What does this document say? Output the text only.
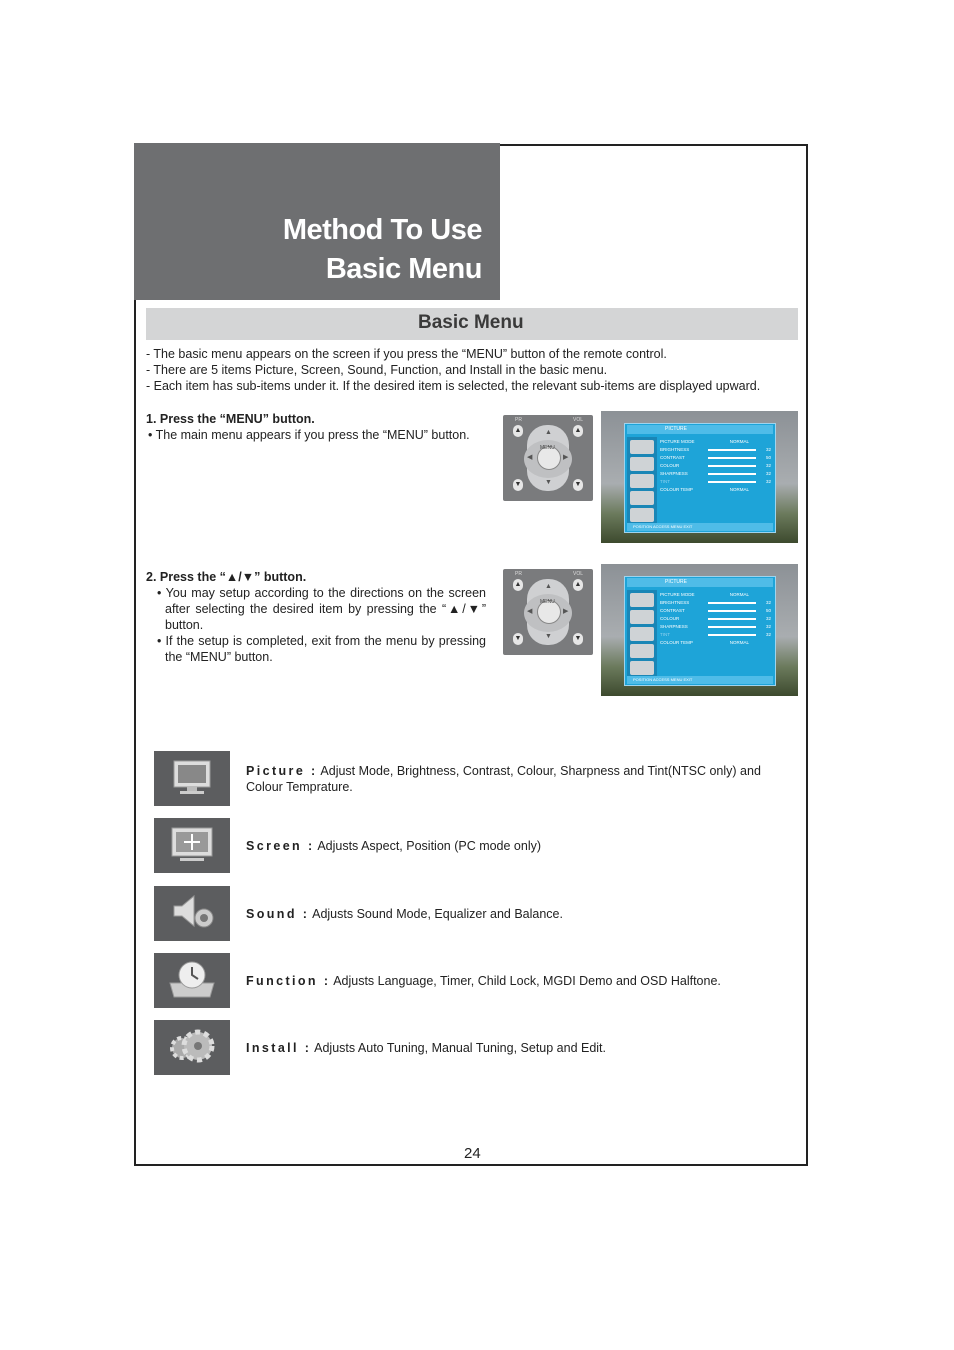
Method To Use
Basic Menu
Basic Menu
- The basic menu appears on the screen if you press the “MENU” button of the remote control.
- There are 5 items Picture, Screen, Sound, Function, and Install in the basic menu.
- Each item has sub-items under it. If the desired item is selected, the relevant sub-items are displayed upward.
1. Press the “MENU” button.
• The main menu appears if you press the “MENU” button.
2. Press the “▲/▼” button.
• You may setup according to the directions on the screen after selecting the desired item by pressing the “▲/▼” button.
• If the setup is completed, exit from the menu by pressing the “MENU” button.
PR	VOL
MENU
▲
▼
▲
▼
▲
▼
◀	▶
PR	VOL
MENU
▲
▼
▲
▼
▲
▼
◀	▶
PICTURE
PICTURE MODE	NORMAL
BRIGHTNESS	32
CONTRAST	50
COLOUR	32
SHARPNESS	32
TINT	32
COLOUR TEMP	NORMAL
POSITION ACCESS MENU EXIT
PICTURE
PICTURE MODE	NORMAL
BRIGHTNESS	32
CONTRAST	50
COLOUR	32
SHARPNESS	32
TINT	32
COLOUR TEMP	NORMAL
POSITION ACCESS MENU EXIT
Picture : Adjust Mode, Brightness, Contrast, Colour, Sharpness and Tint(NTSC only) and Colour Temprature.
Screen : Adjusts Aspect, Position (PC mode only)
Sound : Adjusts Sound Mode, Equalizer and Balance.
Function : Adjusts Language, Timer, Child Lock, MGDI Demo and OSD Halftone.
Install : Adjusts Auto Tuning, Manual Tuning, Setup and Edit.
24
